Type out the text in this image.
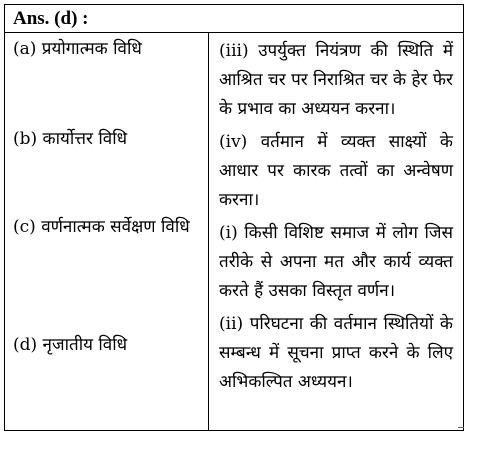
Ans. (d) :
(a) प्रयोगात्मक विधि
(b) कार्योत्तर विधि
(c) वर्णनात्मक सर्वेक्षण विधि
(d) नृजातीय विधि
(iii) उपर्युक्त नियंत्रण की स्थिति में आश्रित चर पर निराश्रित चर के हेर फेर के प्रभाव का अध्ययन करना।
(iv) वर्तमान में व्यक्त साक्ष्यों के आधार पर कारक तत्वों का अन्वेषण करना।
(i) किसी विशिष्ट समाज में लोग जिस तरीके से अपना मत और कार्य व्यक्त करते हैं उसका विस्तृत वर्णन।
(ii) परिघटना की वर्तमान स्थितियों के सम्बन्ध में सूचना प्राप्त करने के लिए अभिकल्पित अध्ययन।
